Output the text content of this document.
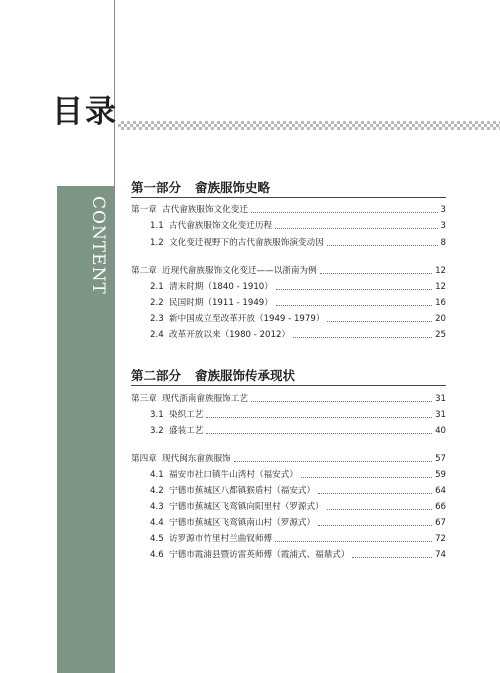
目录
CONTENT
第一部分 畲族服饰史略
第一章 古代畲族服饰文化变迁	3
1.1 古代畲族服饰文化变迁历程	3
1.2 文化变迁视野下的古代畲族服饰演变动因	8
第二章 近现代畲族服饰文化变迁——以浙南为例	12
2.1 清末时期（1840 - 1910）	12
2.2 民国时期（1911 - 1949）	16
2.3 新中国成立至改革开放（1949 - 1979）	20
2.4 改革开放以来（1980 - 2012）	25
第二部分 畲族服饰传承现状
第三章 现代浙南畲族服饰工艺	31
3.1 染织工艺	31
3.2 盛装工艺	40
第四章 现代闽东畲族服饰	57
4.1 福安市社口镇牛山湾村（福安式）	59
4.2 宁德市蕉城区八都镇猴盾村（福安式）	64
4.3 宁德市蕉城区飞鸾镇向阳里村（罗源式）	66
4.4 宁德市蕉城区飞鸾镇南山村（罗源式）	67
4.5 访罗源市竹里村兰曲钗师傅	72
4.6 宁德市霞浦县暨访雷英师傅（霞浦式、福鼎式）	74
